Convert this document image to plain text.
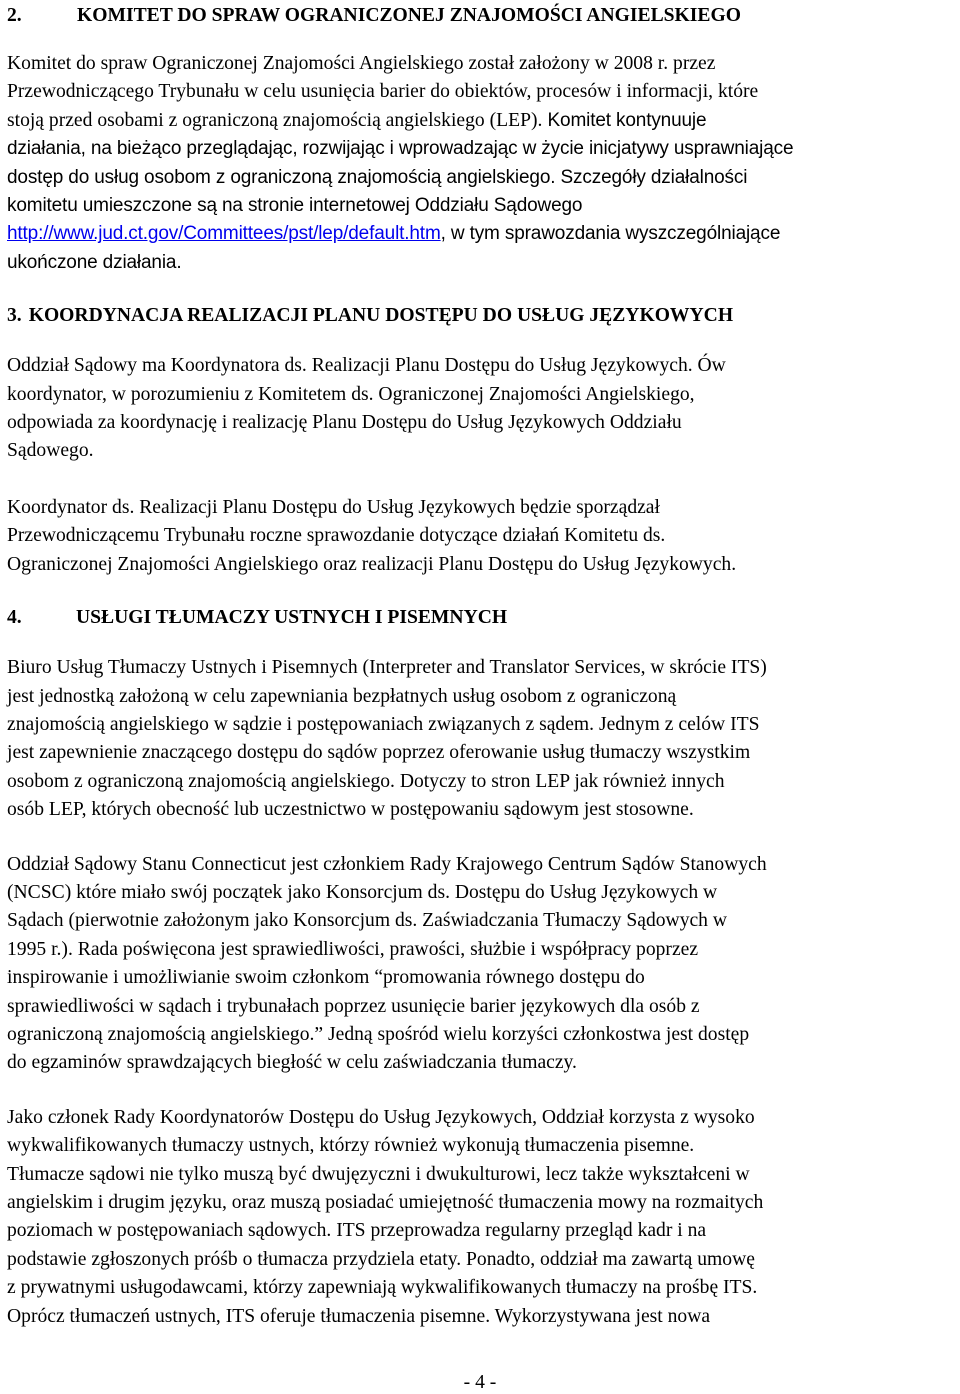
2.	KOMITET DO SPRAW OGRANICZONEJ ZNAJOMOŚCI ANGIELSKIEGO

Komitet do spraw Ograniczonej Znajomości Angielskiego został założony w 2008 r. przez
Przewodniczącego Trybunału w celu usunięcia barier do obiektów, procesów i informacji, które
stoją przed osobami z ograniczoną znajomością angielskiego (LEP). Komitet kontynuuje
działania, na bieżąco przeglądając, rozwijając i wprowadzając w życie inicjatywy usprawniające
dostęp do usług osobom z ograniczoną znajomością angielskiego. Szczegóły działalności
komitetu umieszczone są na stronie internetowej Oddziału Sądowego
http://www.jud.ct.gov/Committees/pst/lep/default.htm, w tym sprawozdania wyszczególniające
ukończone działania.

3. KOORDYNACJA REALIZACJI PLANU DOSTĘPU DO USŁUG JĘZYKOWYCH

Oddział Sądowy ma Koordynatora ds. Realizacji Planu Dostępu do Usług Językowych. Ów
koordynator, w porozumieniu z Komitetem ds. Ograniczonej Znajomości Angielskiego,
odpowiada za koordynację i realizację Planu Dostępu do Usług Językowych Oddziału
Sądowego.

Koordynator ds. Realizacji Planu Dostępu do Usług Językowych będzie sporządzał
Przewodniczącemu Trybunału roczne sprawozdanie dotyczące działań Komitetu ds.
Ograniczonej Znajomości Angielskiego oraz realizacji Planu Dostępu do Usług Językowych.

4.	USŁUGI TŁUMACZY USTNYCH I PISEMNYCH

Biuro Usług Tłumaczy Ustnych i Pisemnych (Interpreter and Translator Services, w skrócie ITS)
jest jednostką założoną w celu zapewniania bezpłatnych usług osobom z ograniczoną
znajomością angielskiego w sądzie i postępowaniach związanych z sądem. Jednym z celów ITS
jest zapewnienie znaczącego dostępu do sądów poprzez oferowanie usług tłumaczy wszystkim
osobom z ograniczoną znajomością angielskiego. Dotyczy to stron LEP jak również innych
osób LEP, których obecność lub uczestnictwo w postępowaniu sądowym jest stosowne.

Oddział Sądowy Stanu Connecticut jest członkiem Rady Krajowego Centrum Sądów Stanowych
(NCSC) które miało swój początek jako Konsorcjum ds. Dostępu do Usług Językowych w
Sądach (pierwotnie założonym jako Konsorcjum ds. Zaświadczania Tłumaczy Sądowych w
1995 r.). Rada poświęcona jest sprawiedliwości, prawości, służbie i współpracy poprzez
inspirowanie i umożliwianie swoim członkom “promowania równego dostępu do
sprawiedliwości w sądach i trybunałach poprzez usunięcie barier językowych dla osób z
ograniczoną znajomością angielskiego.” Jedną spośród wielu korzyści członkostwa jest dostęp
do egzaminów sprawdzających biegłość w celu zaświadczania tłumaczy.

Jako członek Rady Koordynatorów Dostępu do Usług Językowych, Oddział korzysta z wysoko
wykwalifikowanych tłumaczy ustnych, którzy również wykonują tłumaczenia pisemne.
Tłumacze sądowi nie tylko muszą być dwujęzyczni i dwukulturowi, lecz także wykształceni w
angielskim i drugim języku, oraz muszą posiadać umiejętność tłumaczenia mowy na rozmaitych
poziomach w postępowaniach sądowych. ITS przeprowadza regularny przegląd kadr i na
podstawie zgłoszonych próśb o tłumacza przydziela etaty. Ponadto, oddział ma zawartą umowę
z prywatnymi usługodawcami, którzy zapewniają wykwalifikowanych tłumaczy na prośbę ITS.
Oprócz tłumaczeń ustnych, ITS oferuje tłumaczenia pisemne. Wykorzystywana jest nowa

- 4 -
